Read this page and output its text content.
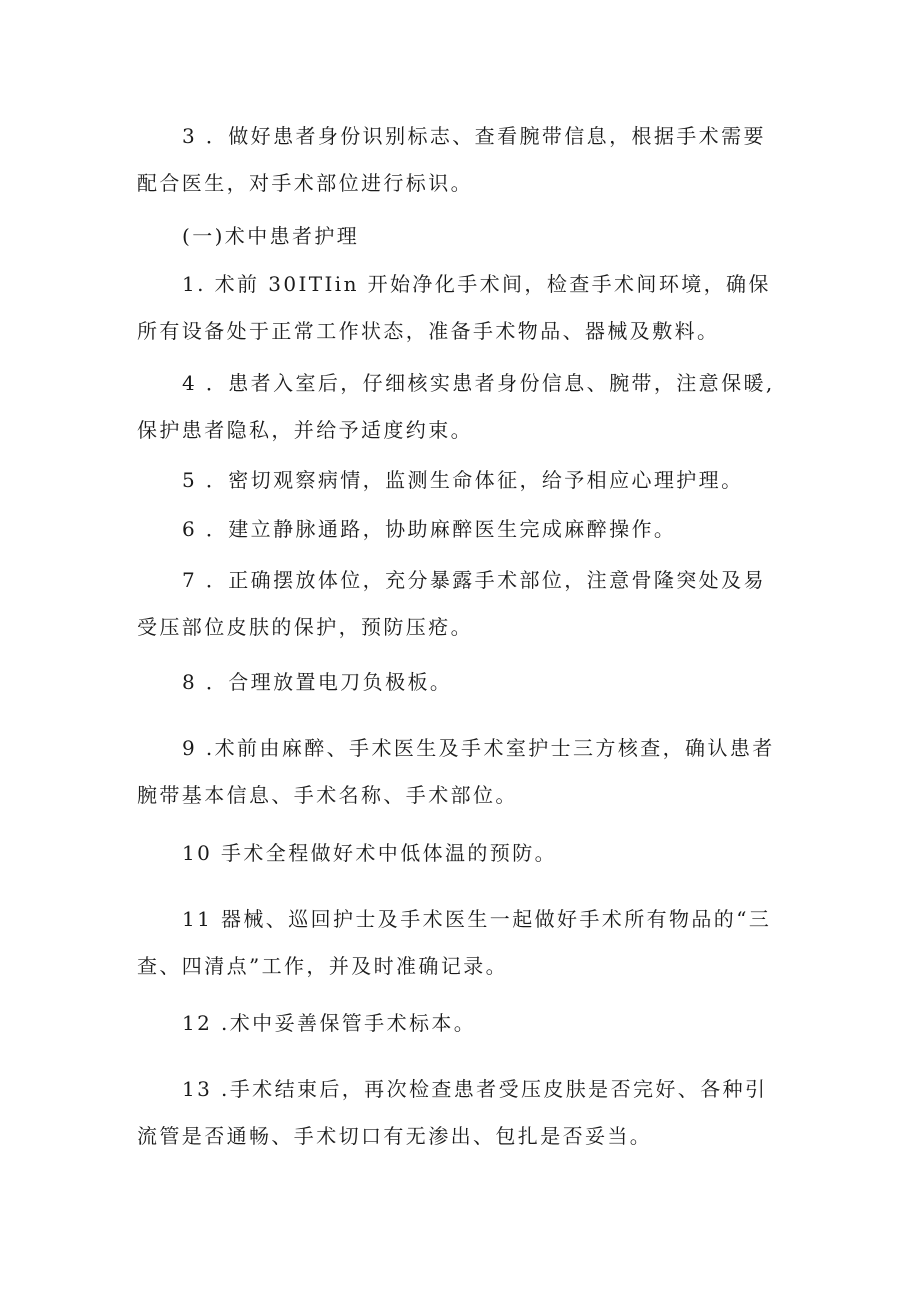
3 ．做好患者身份识别标志、查看腕带信息，根据手术需要配合医生，对手术部位进行标识。

(一)术中患者护理

1. 术前 30ITIin 开始净化手术间，检查手术间环境，确保所有设备处于正常工作状态，准备手术物品、器械及敷料。

4 ．患者入室后，仔细核实患者身份信息、腕带，注意保暖,保护患者隐私，并给予适度约束。

5 ．密切观察病情，监测生命体征，给予相应心理护理。

6 ．建立静脉通路，协助麻醉医生完成麻醉操作。

7 ．正确摆放体位，充分暴露手术部位，注意骨隆突处及易受压部位皮肤的保护，预防压疮。

8 ．合理放置电刀负极板。

9 .术前由麻醉、手术医生及手术室护士三方核查，确认患者腕带基本信息、手术名称、手术部位。

10 手术全程做好术中低体温的预防。

11 器械、巡回护士及手术医生一起做好手术所有物品的“三查、四清点”工作，并及时准确记录。

12 .术中妥善保管手术标本。

13 .手术结束后，再次检查患者受压皮肤是否完好、各种引流管是否通畅、手术切口有无渗出、包扎是否妥当。
